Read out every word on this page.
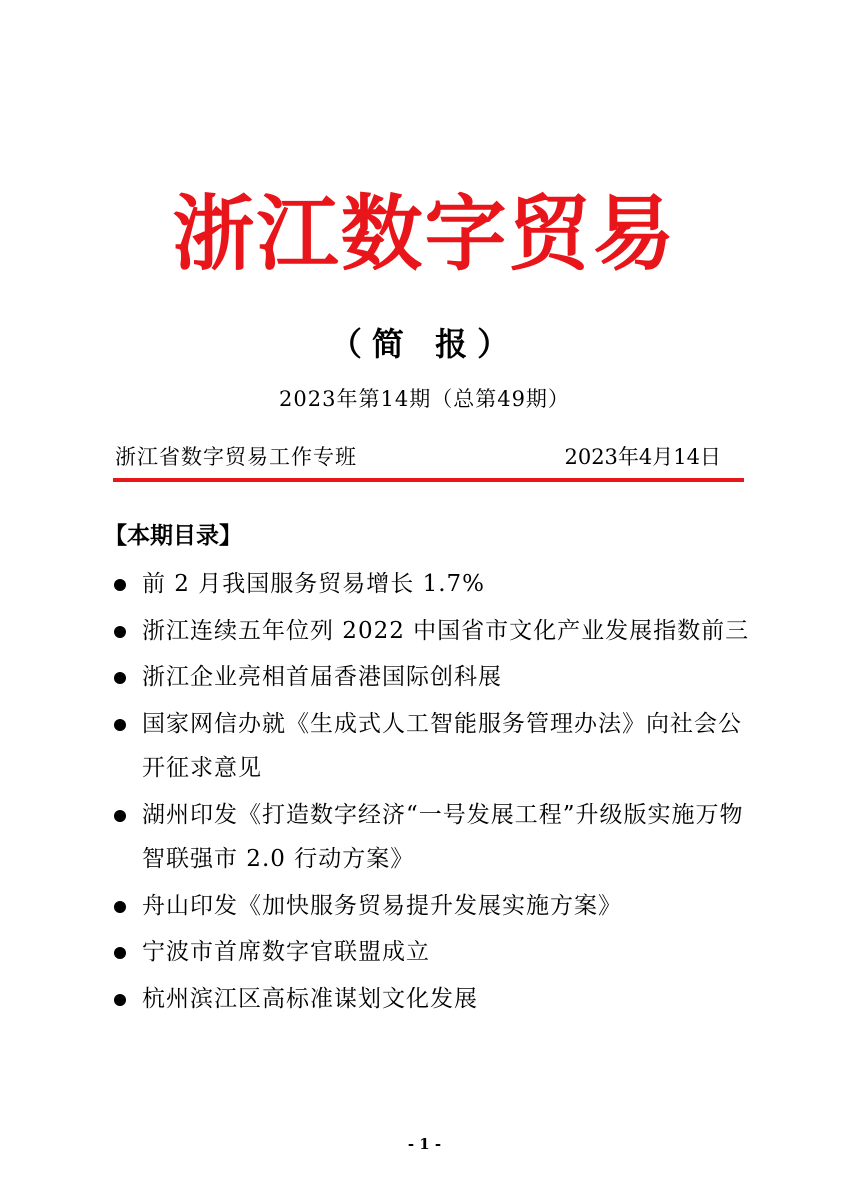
浙江数字贸易
（简 报）
2023年第14期（总第49期）
浙江省数字贸易工作专班	2023年4月14日
【本期目录】
前 2 月我国服务贸易增长 1.7%
浙江连续五年位列 2022 中国省市文化产业发展指数前三
浙江企业亮相首届香港国际创科展
国家网信办就《生成式人工智能服务管理办法》向社会公开征求意见
湖州印发《打造数字经济“一号发展工程”升级版实施万物智联强市 2.0 行动方案》
舟山印发《加快服务贸易提升发展实施方案》
宁波市首席数字官联盟成立
杭州滨江区高标准谋划文化发展
- 1 -
